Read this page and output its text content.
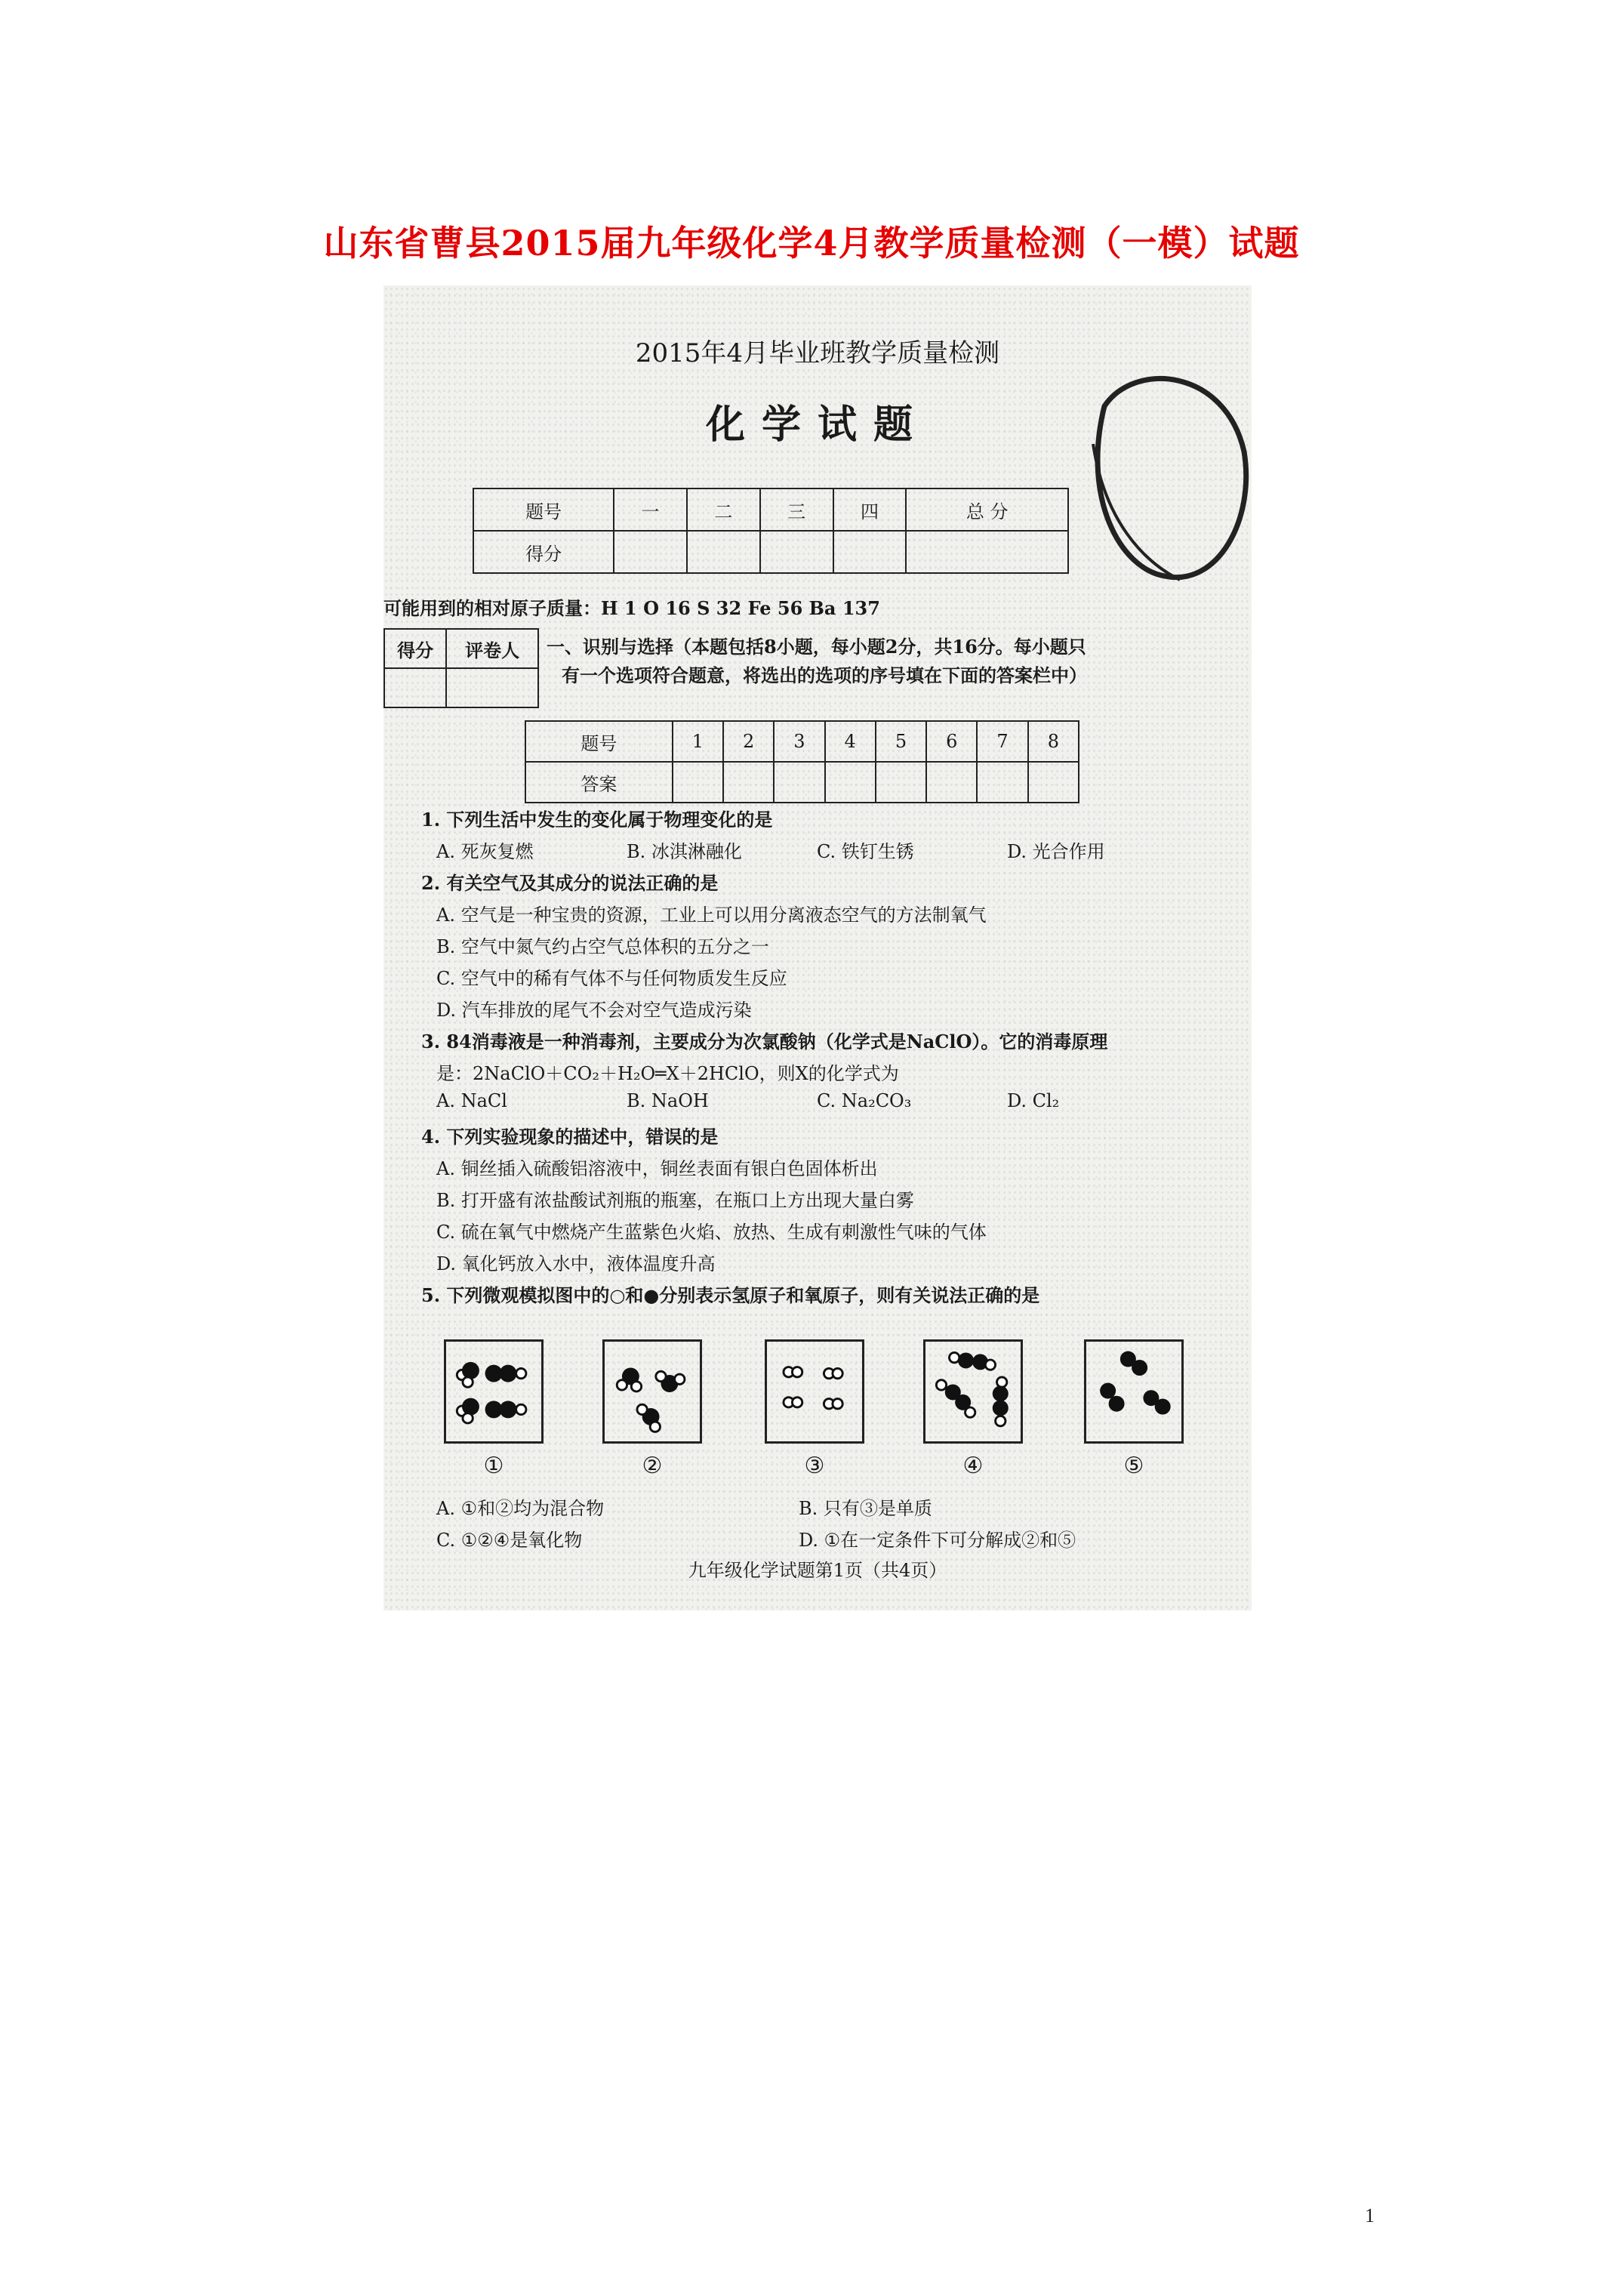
山东省曹县2015届九年级化学4月教学质量检测（一模）试题
2015年4月毕业班教学质量检测
化学试题
题号	一	二	三	四	总 分
得分					
可能用到的相对原子质量：H 1 O 16 S 32 Fe 56 Ba 137
得分	评卷人
	一、识别与选择（本题包括8小题，每小题2分，共16分。每小题只
有一个选项符合题意，将选出的选项的序号填在下面的答案栏中）
题号	1	2	3	4	5	6	7	8
答案								
1. 下列生活中发生的变化属于物理变化的是
A. 死灰复燃	B. 冰淇淋融化	C. 铁钉生锈	D. 光合作用
2. 有关空气及其成分的说法正确的是
A. 空气是一种宝贵的资源，工业上可以用分离液态空气的方法制氧气
B. 空气中氮气约占空气总体积的五分之一
C. 空气中的稀有气体不与任何物质发生反应
D. 汽车排放的尾气不会对空气造成污染
3. 84消毒液是一种消毒剂，主要成分为次氯酸钠（化学式是NaClO）。它的消毒原理
是：2NaClO＋CO₂＋H₂O═X＋2HClO，则X的化学式为
A. NaCl	B. NaOH	C. Na₂CO₃	D. Cl₂
4. 下列实验现象的描述中，错误的是
A. 铜丝插入硫酸铝溶液中，铜丝表面有银白色固体析出
B. 打开盛有浓盐酸试剂瓶的瓶塞，在瓶口上方出现大量白雾
C. 硫在氧气中燃烧产生蓝紫色火焰、放热、生成有刺激性气味的气体
D. 氧化钙放入水中，液体温度升高
5. 下列微观模拟图中的○和●分别表示氢原子和氧原子，则有关说法正确的是
①	②	③	④	⑤
A. ①和②均为混合物	B. 只有③是单质
C. ①②④是氧化物	D. ①在一定条件下可分解成②和⑤
九年级化学试题第1页（共4页）
1
